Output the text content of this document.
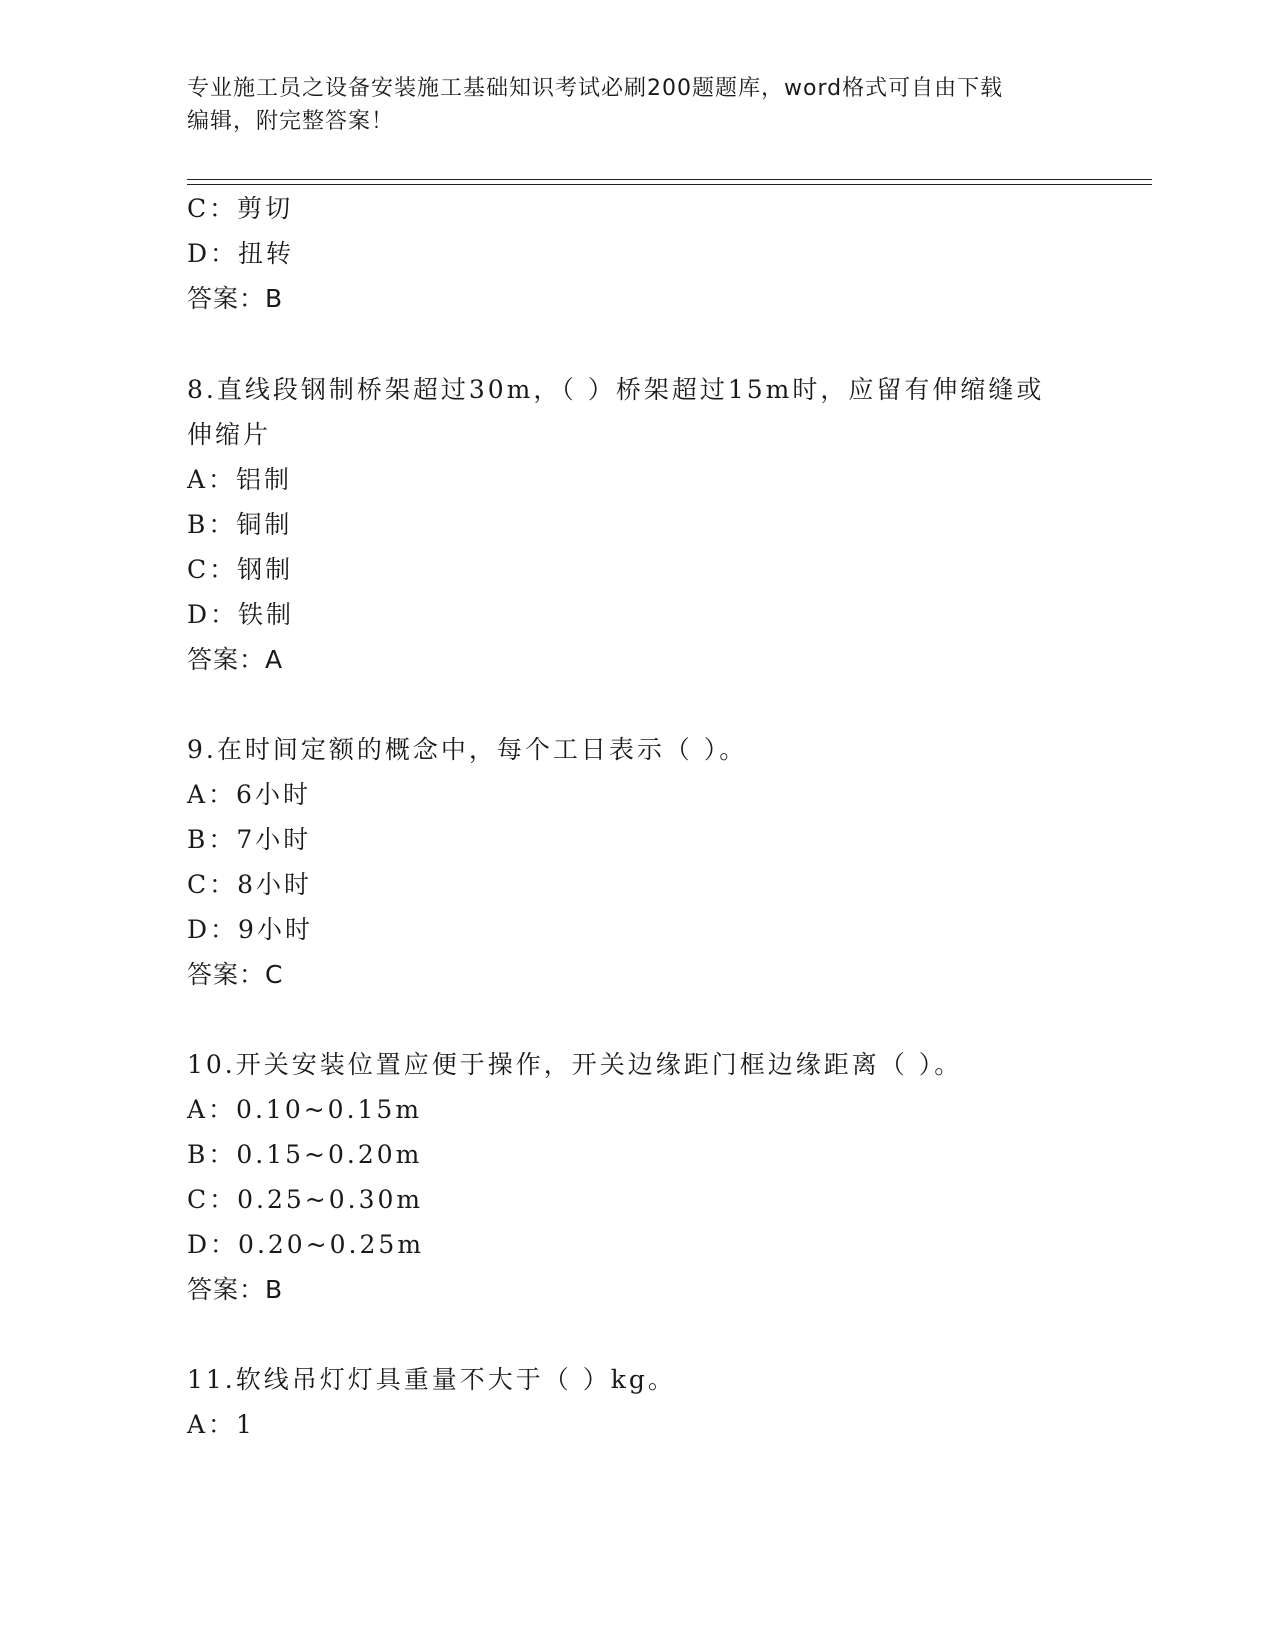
专业施工员之设备安装施工基础知识考试必刷200题题库，word格式可自由下载
编辑，附完整答案！
C：剪切
D：扭转
答案：B
8.直线段钢制桥架超过30m，（ ）桥架超过15m时，应留有伸缩缝或
伸缩片
A：铝制
B：铜制
C：钢制
D：铁制
答案：A
9.在时间定额的概念中，每个工日表示（ ）。
A：6小时
B：7小时
C：8小时
D：9小时
答案：C
10.开关安装位置应便于操作，开关边缘距门框边缘距离（ ）。
A：0.10~0.15m
B：0.15~0.20m
C：0.25~0.30m
D：0.20~0.25m
答案：B
11.软线吊灯灯具重量不大于（ ）kg。
A：1
